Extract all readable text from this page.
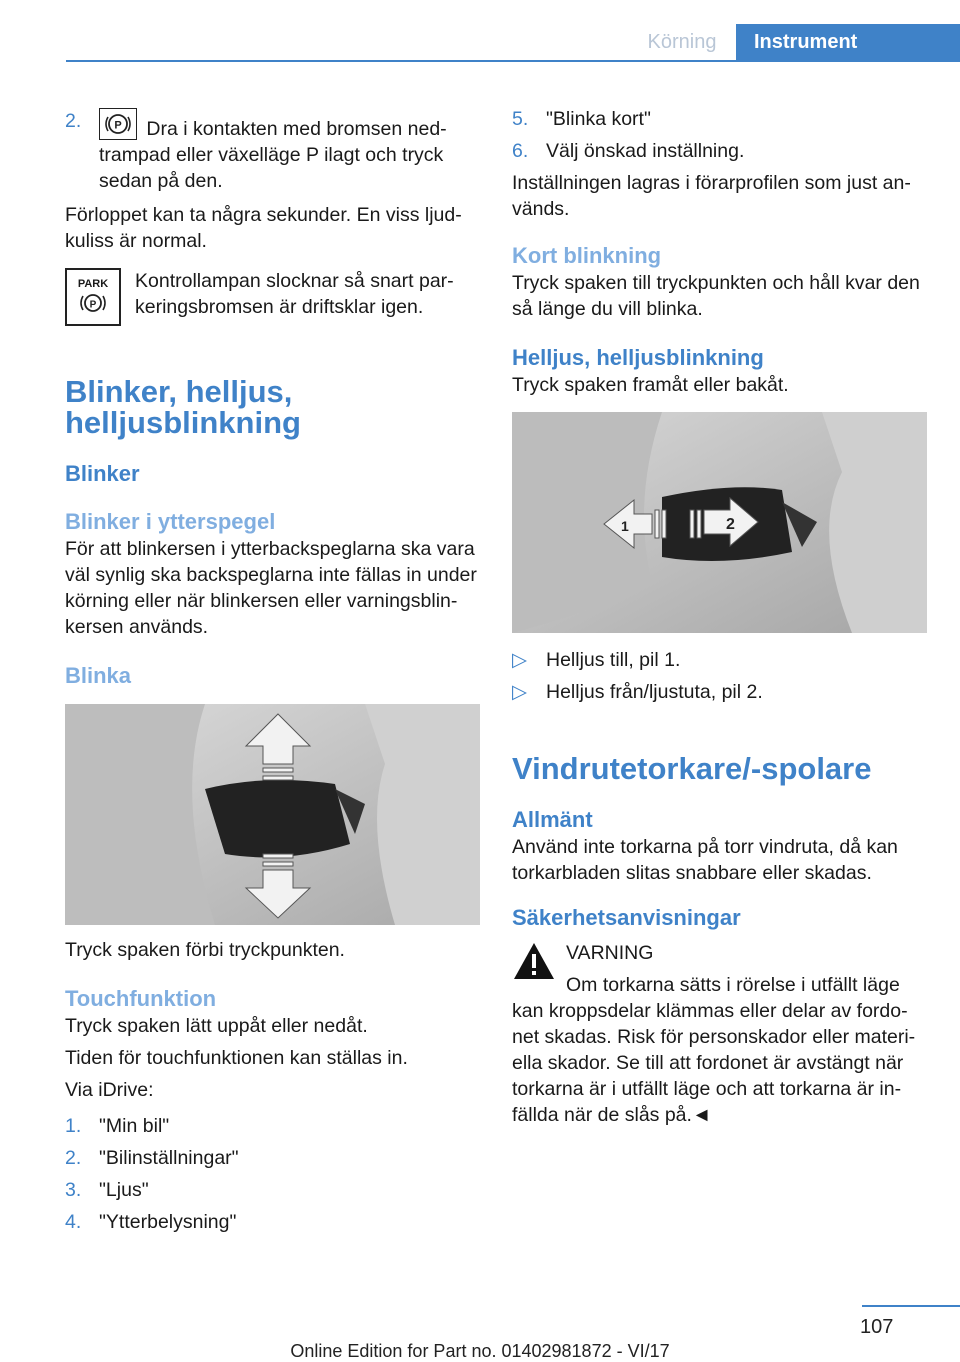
Körning	Instrument
2.	P Dra i kontakten med bromsen nedtrampad eller växelläge P ilagt och tryck sedan på den.

Förloppet kan ta några sekunder. En viss ljudkuliss är normal.

PARK
P

Kontrollampan slocknar så snart parkeringsbromsen är driftsklar igen.

Blinker, helljus, helljusblinkning
Blinker
Blinker i ytterspegel

För att blinkersen i ytterbackspeglarna ska vara väl synlig ska backspeglarna inte fällas in under körning eller när blinkersen eller varningsblinkersen används.

Blinka

Tryck spaken förbi tryckpunkten.

Touchfunktion

Tryck spaken lätt uppåt eller nedåt.

Tiden för touchfunktionen kan ställas in.

Via iDrive:

1. "Min bil"
2. "Bilinställningar"
3. "Ljus"
4. "Ytterbelysning"
5. "Blinka kort"
6. Välj önskad inställning.

Inställningen lagras i förarprofilen som just används.

Kort blinkning

Tryck spaken till tryckpunkten och håll kvar den så länge du vill blinka.

Helljus, helljusblinkning

Tryck spaken framåt eller bakåt.

1	2
▷ Helljus till, pil 1.
▷ Helljus från/ljustuta, pil 2.
Vindrutetorkare/-spolare
Allmänt

Använd inte torkarna på torr vindruta, då kan torkarbladen slitas snabbare eller skadas.

Säkerhetsanvisningar

VARNING

Om torkarna sätts i rörelse i utfällt läge

kan kroppsdelar klämmas eller delar av fordonet skadas. Risk för personskador eller materiella skador. Se till att fordonet är avstängt när torkarna är i utfällt läge och att torkarna är infällda när de slås på.◄

107
Online Edition for Part no. 01402981872 - VI/17
